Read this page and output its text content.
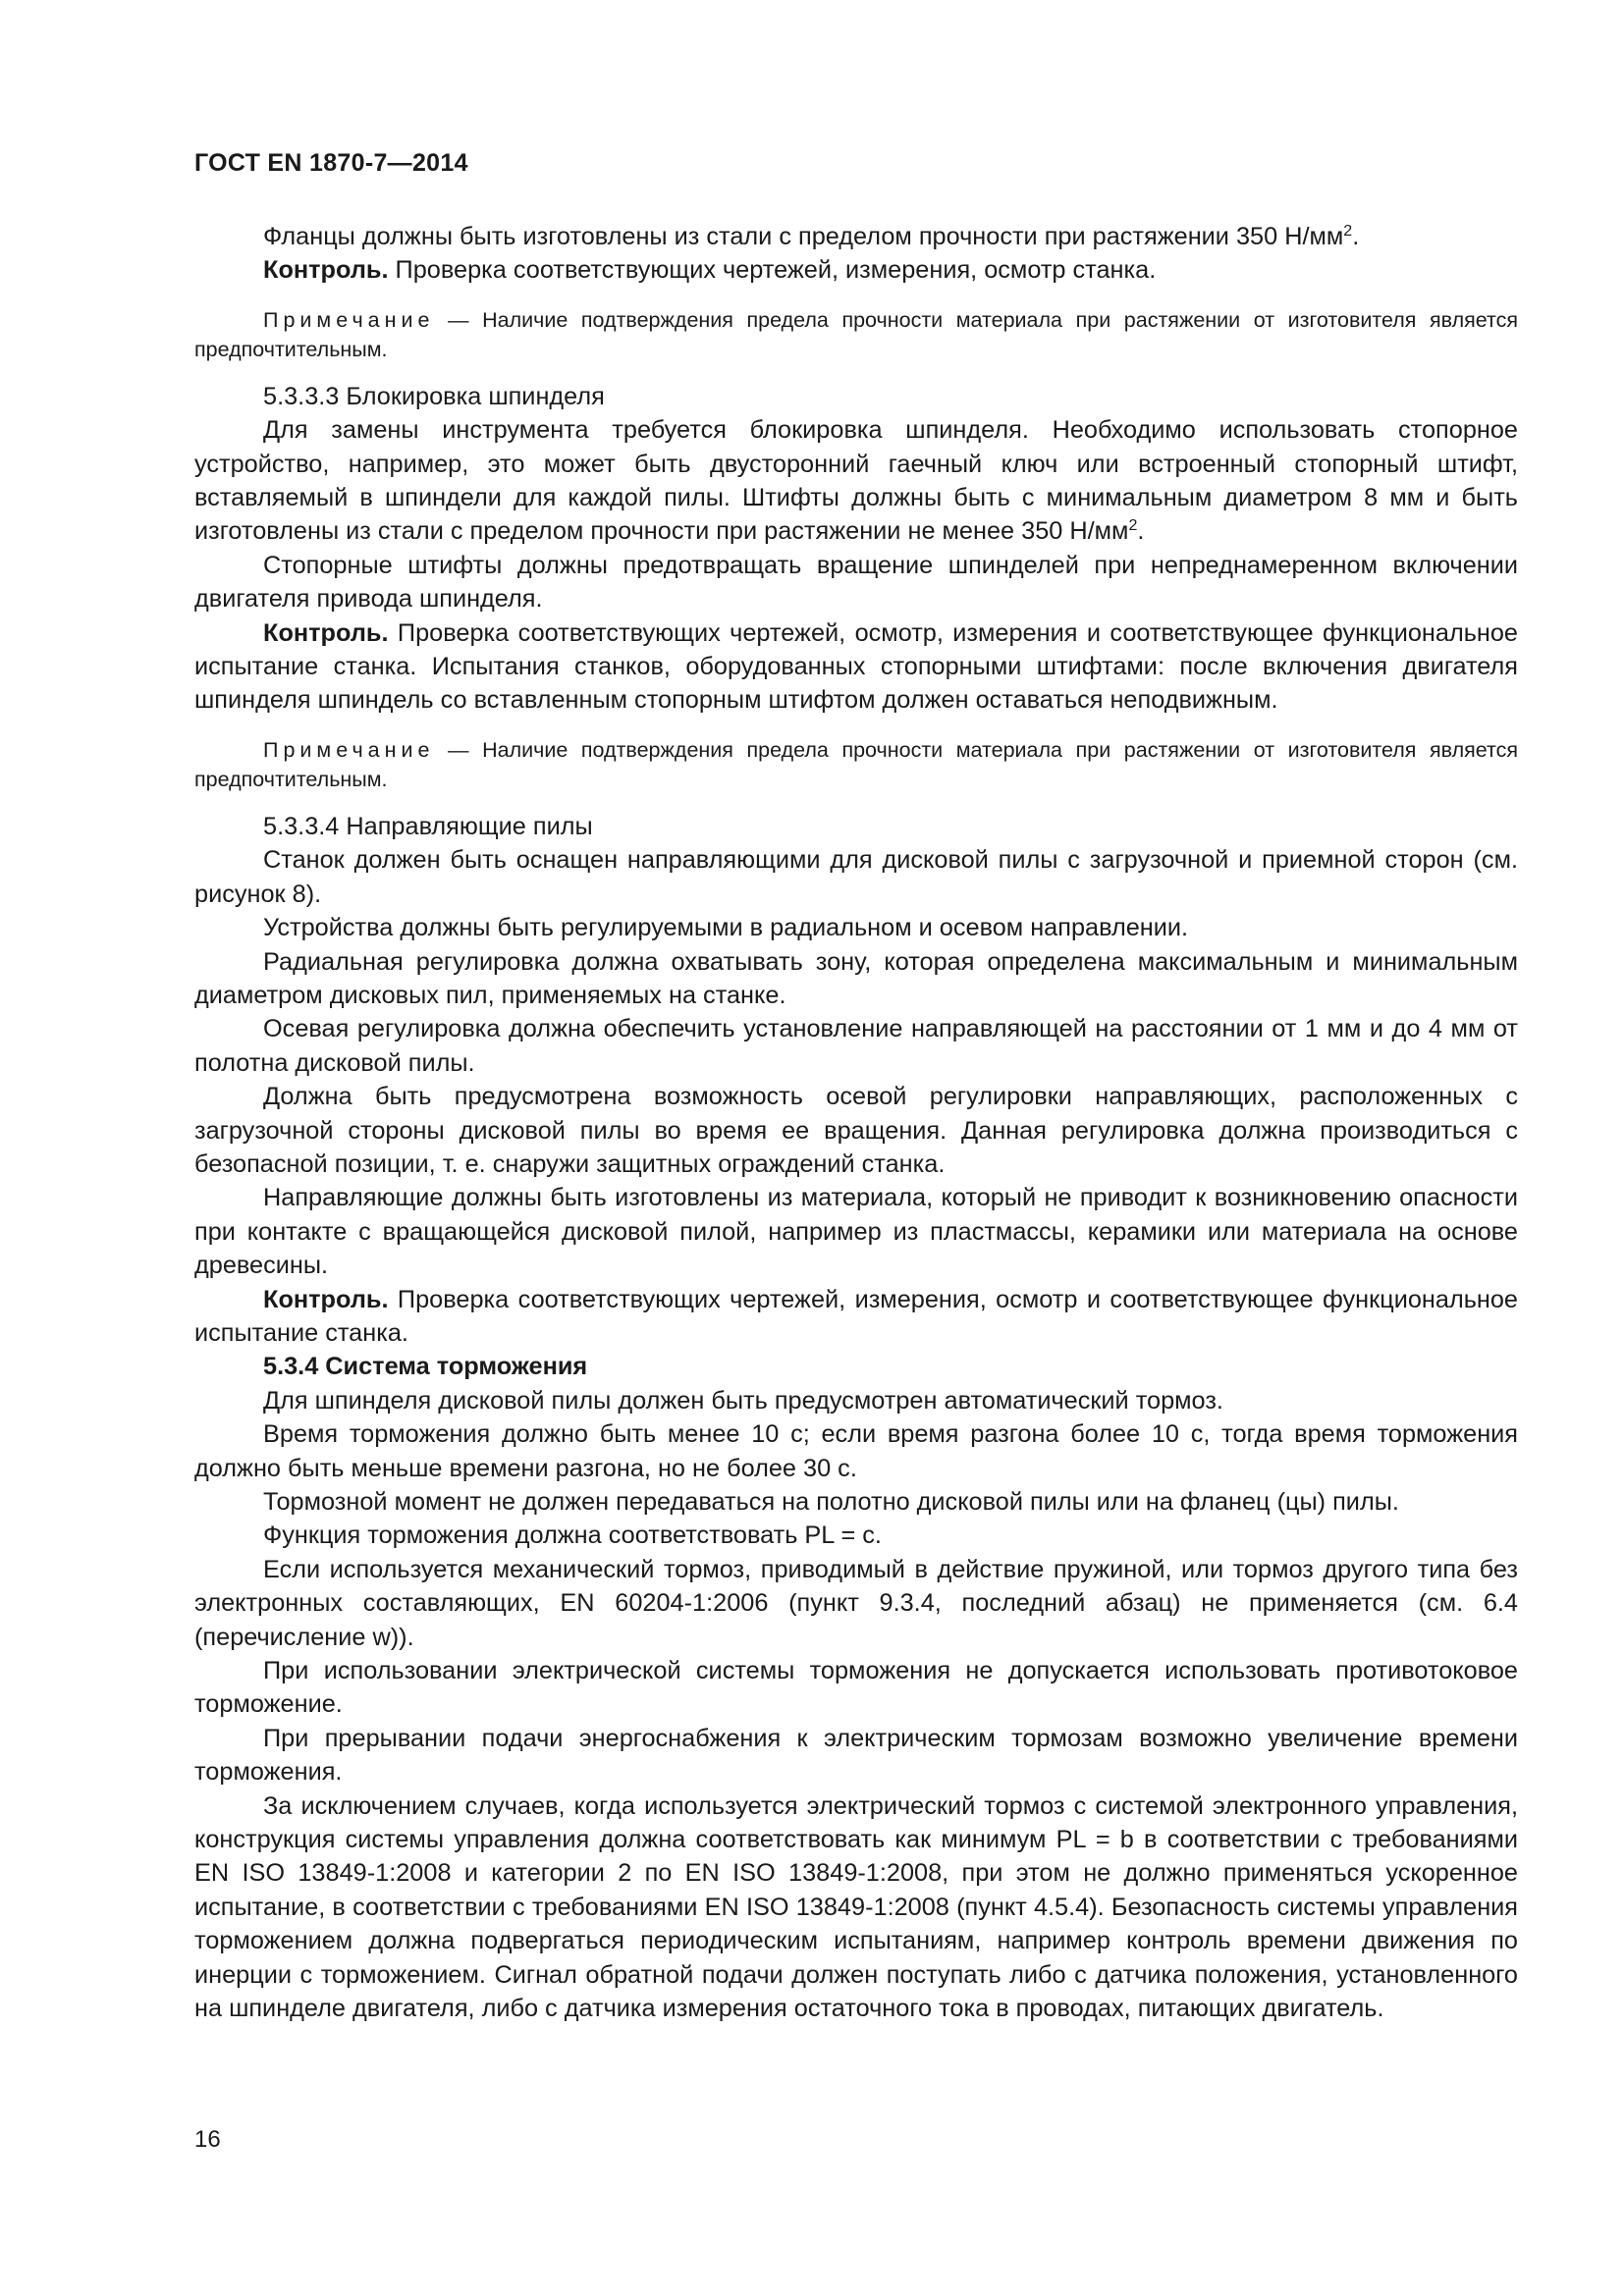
ГОСТ EN 1870-7—2014

Фланцы должны быть изготовлены из стали с пределом прочности при растяжении 350 $Н/мм^2$.

Контроль. Проверка соответствующих чертежей, измерения, осмотр станка.

Примечание — Наличие подтверждения предела прочности материала при растяжении от изготовителя является предпочтительным.

5.3.3.3 Блокировка шпинделя

Для замены инструмента требуется блокировка шпинделя. Необходимо использовать стопорное устройство, например, это может быть двусторонний гаечный ключ или встроенный стопорный штифт, вставляемый в шпиндели для каждой пилы. Штифты должны быть с минимальным диаметром 8 мм и быть изготовлены из стали с пределом прочности при растяжении не менее 350 $Н/мм^2$.

Стопорные штифты должны предотвращать вращение шпинделей при непреднамеренном включении двигателя привода шпинделя.

Контроль. Проверка соответствующих чертежей, осмотр, измерения и соответствующее функциональное испытание станка. Испытания станков, оборудованных стопорными штифтами: после включения двигателя шпинделя шпиндель со вставленным стопорным штифтом должен оставаться неподвижным.

Примечание — Наличие подтверждения предела прочности материала при растяжении от изготовителя является предпочтительным.

5.3.3.4 Направляющие пилы

Станок должен быть оснащен направляющими для дисковой пилы с загрузочной и приемной сторон (см. рисунок 8).

Устройства должны быть регулируемыми в радиальном и осевом направлении.

Радиальная регулировка должна охватывать зону, которая определена максимальным и минимальным диаметром дисковых пил, применяемых на станке.

Осевая регулировка должна обеспечить установление направляющей на расстоянии от 1 мм и до 4 мм от полотна дисковой пилы.

Должна быть предусмотрена возможность осевой регулировки направляющих, расположенных с загрузочной стороны дисковой пилы во время ее вращения. Данная регулировка должна производиться с безопасной позиции, т. е. снаружи защитных ограждений станка.

Направляющие должны быть изготовлены из материала, который не приводит к возникновению опасности при контакте с вращающейся дисковой пилой, например из пластмассы, керамики или материала на основе древесины.

Контроль. Проверка соответствующих чертежей, измерения, осмотр и соответствующее функциональное испытание станка.

5.3.4 Система торможения

Для шпинделя дисковой пилы должен быть предусмотрен автоматический тормоз.

Время торможения должно быть менее 10 с; если время разгона более 10 с, тогда время торможения должно быть меньше времени разгона, но не более 30 с.

Тормозной момент не должен передаваться на полотно дисковой пилы или на фланец (цы) пилы.

Функция торможения должна соответствовать PL = с.

Если используется механический тормоз, приводимый в действие пружиной, или тормоз другого типа без электронных составляющих, EN 60204-1:2006 (пункт 9.3.4, последний абзац) не применяется (см. 6.4 (перечисление w)).

При использовании электрической системы торможения не допускается использовать противотоковое торможение.

При прерывании подачи энергоснабжения к электрическим тормозам возможно увеличение времени торможения.

За исключением случаев, когда используется электрический тормоз с системой электронного управления, конструкция системы управления должна соответствовать как минимум PL = b в соответствии с требованиями EN ISO 13849-1:2008 и категории 2 по EN ISO 13849-1:2008, при этом не должно применяться ускоренное испытание, в соответствии с требованиями EN ISO 13849-1:2008 (пункт 4.5.4). Безопасность системы управления торможением должна подвергаться периодическим испытаниям, например контроль времени движения по инерции с торможением. Сигнал обратной подачи должен поступать либо с датчика положения, установленного на шпинделе двигателя, либо с датчика измерения остаточного тока в проводах, питающих двигатель.

16
